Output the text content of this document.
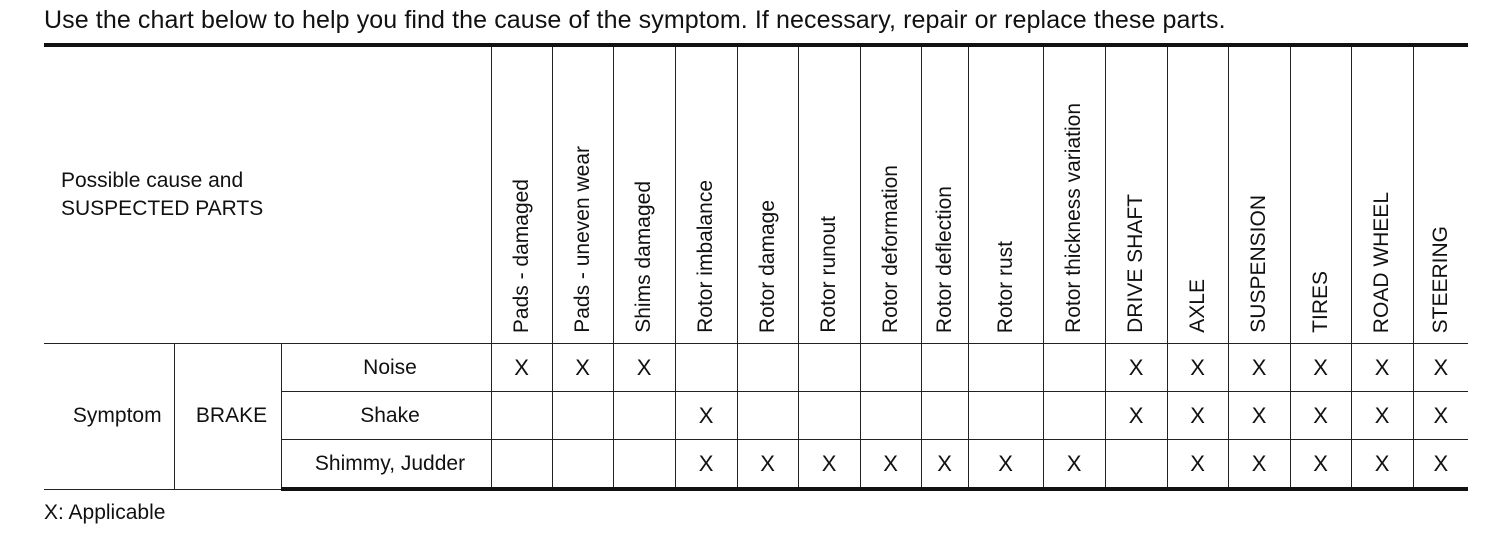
Use the chart below to help you find the cause of the symptom. If necessary, repair or replace these parts.
Possible cause and
SUSPECTED PARTS			Pads - damaged	Pads - uneven wear	Shims damaged	Rotor imbalance	Rotor damage	Rotor runout	Rotor deformation	Rotor deflection	Rotor rust	Rotor thickness variation	DRIVE SHAFT	AXLE	SUSPENSION	TIRES	ROAD WHEEL	STEERING

Symptom	BRAKE	Noise	X	X	X								X	X	X	X	X	X
		Shake				X							X	X	X	X	X	X
		Shimmy, Judder				X	X	X	X	X	X	X		X	X	X	X	X
X: Applicable
